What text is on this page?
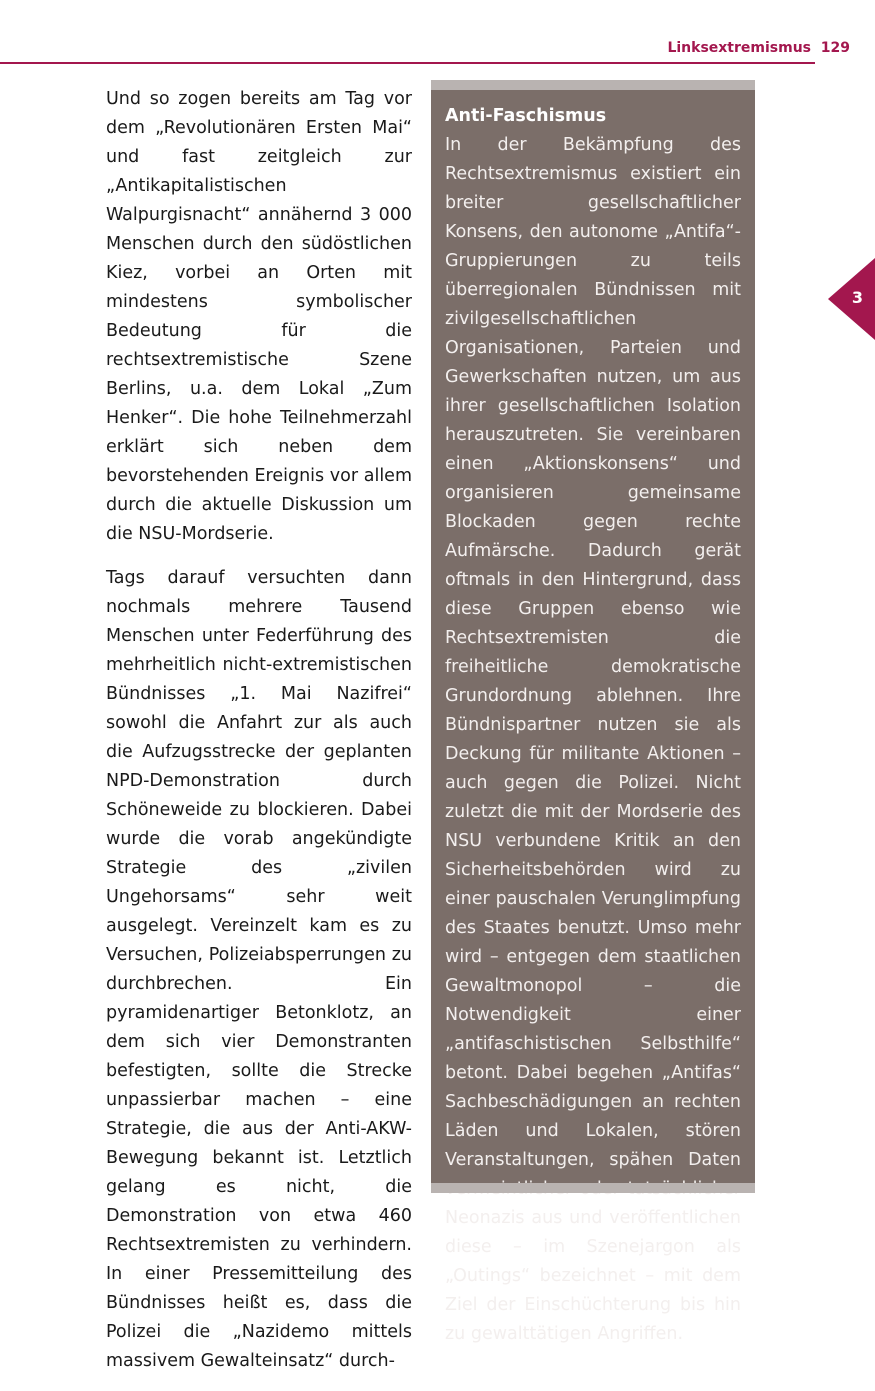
Linksextremismus 129
3

Und so zogen bereits am Tag vor dem „Revolutionären Ersten Mai“ und fast zeitgleich zur „Antikapitalistischen Walpurgisnacht“ annähernd 3 000 Menschen durch den südöstlichen Kiez, vorbei an Orten mit mindestens symbolischer Bedeutung für die rechtsextremistische Szene Berlins, u.a. dem Lokal „Zum Henker“. Die hohe Teilnehmerzahl erklärt sich neben dem bevorstehenden Ereignis vor allem durch die aktuelle Diskussion um die NSU-Mordserie.

Tags darauf versuchten dann nochmals mehrere Tausend Menschen unter Federführung des mehrheitlich nicht-extremistischen Bündnisses „1. Mai Nazifrei“ sowohl die Anfahrt zur als auch die Aufzugsstrecke der geplanten NPD-Demonstration durch Schöneweide zu blockieren. Dabei wurde die vorab angekündigte Strategie des „zivilen Ungehorsams“ sehr weit ausgelegt. Vereinzelt kam es zu Versuchen, Polizeiabsperrungen zu durchbrechen. Ein pyramidenartiger Betonklotz, an dem sich vier Demonstranten befestigten, sollte die Strecke unpassierbar machen – eine Strategie, die aus der Anti-AKW-Bewegung bekannt ist. Letztlich gelang es nicht, die Demonstration von etwa 460 Rechtsextremisten zu verhindern. In einer Pressemitteilung des Bündnisses heißt es, dass die Polizei die „Nazidemo mittels massivem Gewalteinsatz“ durch-

Anti-Faschismus

In der Bekämpfung des Rechtsextremismus existiert ein breiter gesellschaftlicher Konsens, den autonome „Antifa“-Gruppierungen zu teils überregionalen Bündnissen mit zivilgesellschaftlichen Organisationen, Parteien und Gewerkschaften nutzen, um aus ihrer gesellschaftlichen Isolation herauszutreten. Sie vereinbaren einen „Aktionskonsens“ und organisieren gemeinsame Blockaden gegen rechte Aufmärsche. Dadurch gerät oftmals in den Hintergrund, dass diese Gruppen ebenso wie Rechtsextremisten die freiheitliche demokratische Grundordnung ablehnen. Ihre Bündnispartner nutzen sie als Deckung für militante Aktionen – auch gegen die Polizei. Nicht zuletzt die mit der Mordserie des NSU verbundene Kritik an den Sicherheitsbehörden wird zu einer pauschalen Verunglimpfung des Staates benutzt. Umso mehr wird – entgegen dem staatlichen Gewaltmonopol – die Notwendigkeit einer „antifaschistischen Selbsthilfe“ betont. Dabei begehen „Antifas“ Sachbeschädigungen an rechten Läden und Lokalen, stören Veranstaltungen, spähen Daten Neonazis aus und veröffentlichen diese – im Szenejargon als „Outings“ bezeichnet – mit dem Ziel der Einschüchterung bis hin zu gewalttätigen Angriffen.
